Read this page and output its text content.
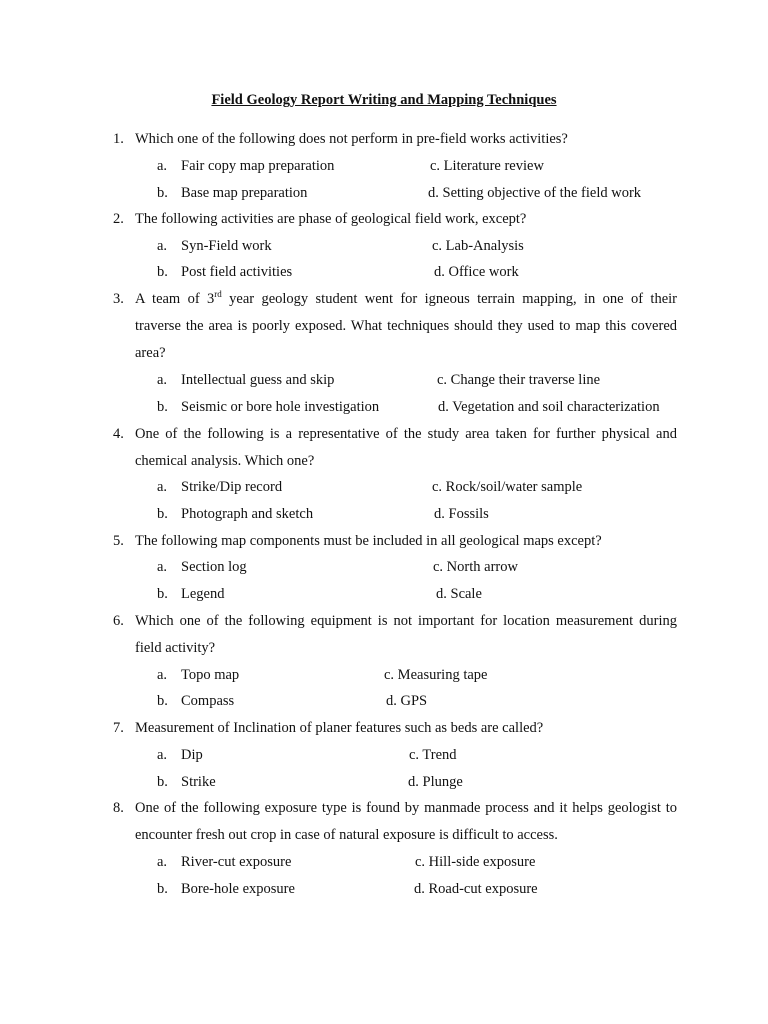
Field Geology Report Writing and Mapping Techniques
1. Which one of the following does not perform in pre-field works activities?
a. Fair copy map preparation	c. Literature review
b. Base map preparation	d. Setting objective of the field work
2. The following activities are phase of geological field work, except?
a. Syn-Field work	c. Lab-Analysis
b. Post field activities	d. Office work
3. A team of 3rd year geology student went for igneous terrain mapping, in one of their
traverse the area is poorly exposed. What techniques should they used to map this covered
area?
a. Intellectual guess and skip	c. Change their traverse line
b. Seismic or bore hole investigation	d. Vegetation and soil characterization
4. One of the following is a representative of the study area taken for further physical and
chemical analysis. Which one?
a. Strike/Dip record	c. Rock/soil/water sample
b. Photograph and sketch	d. Fossils
5. The following map components must be included in all geological maps except?
a. Section log	c. North arrow
b. Legend	d. Scale
6. Which one of the following equipment is not important for location measurement during
field activity?
a. Topo map	c. Measuring tape
b. Compass	d. GPS
7. Measurement of Inclination of planer features such as beds are called?
a. Dip	c. Trend
b. Strike	d. Plunge
8. One of the following exposure type is found by manmade process and it helps geologist to
encounter fresh out crop in case of natural exposure is difficult to access.
a. River-cut exposure	c. Hill-side exposure
b. Bore-hole exposure	d. Road-cut exposure
